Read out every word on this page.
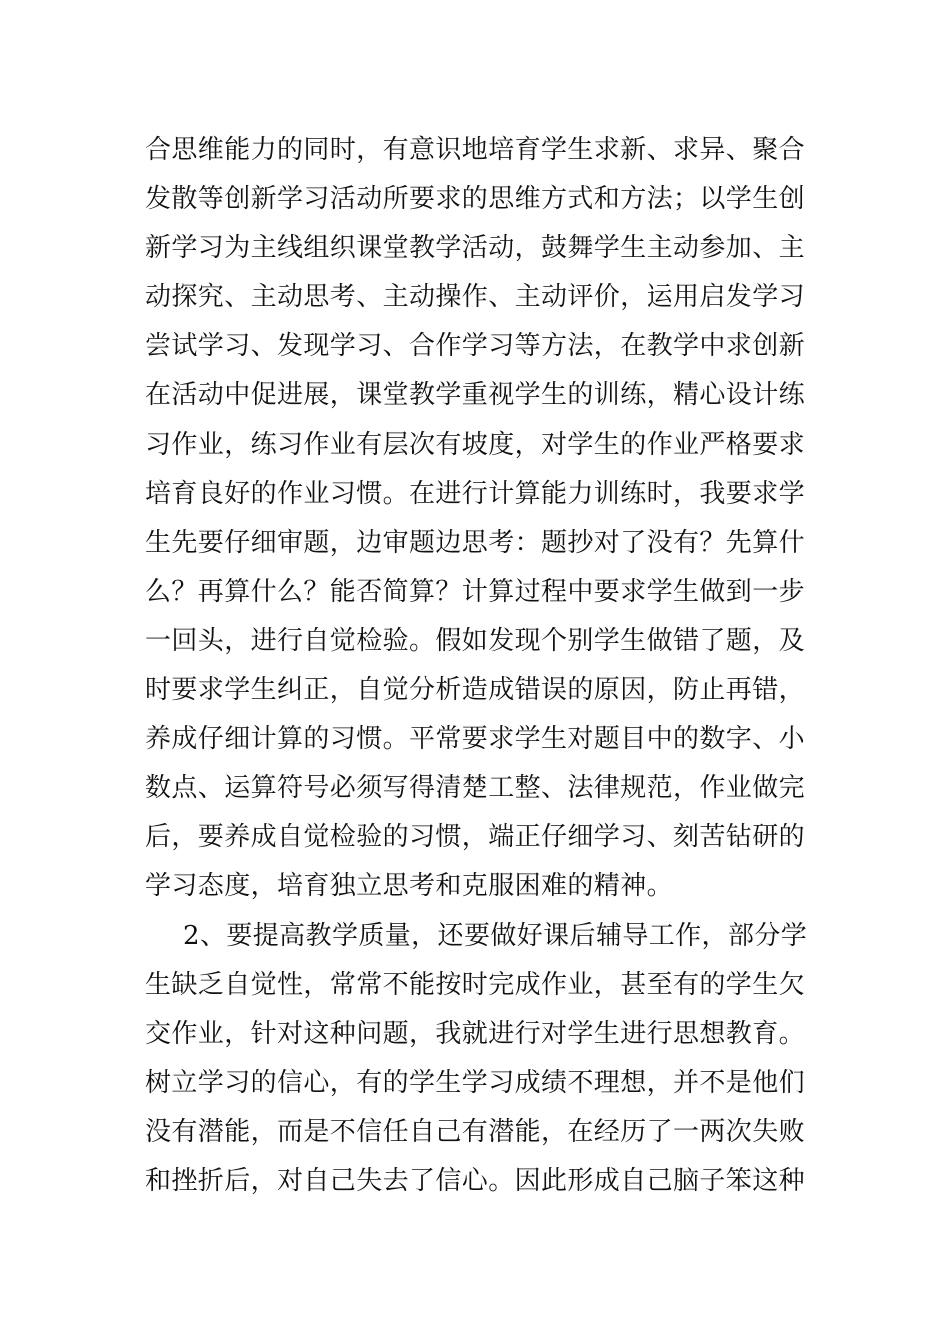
合思维能力的同时，有意识地培育学生求新、求异、聚合
发散等创新学习活动所要求的思维方式和方法；以学生创
新学习为主线组织课堂教学活动，鼓舞学生主动参加、主
动探究、主动思考、主动操作、主动评价，运用启发学习
尝试学习、发现学习、合作学习等方法，在教学中求创新
在活动中促进展，课堂教学重视学生的训练，精心设计练
习作业，练习作业有层次有坡度，对学生的作业严格要求
培育良好的作业习惯。在进行计算能力训练时，我要求学
生先要仔细审题，边审题边思考：题抄对了没有？先算什
么？再算什么？能否简算？计算过程中要求学生做到一步
一回头，进行自觉检验。假如发现个别学生做错了题，及
时要求学生纠正，自觉分析造成错误的原因，防止再错，
养成仔细计算的习惯。平常要求学生对题目中的数字、小
数点、运算符号必须写得清楚工整、法律规范，作业做完
后，要养成自觉检验的习惯，端正仔细学习、刻苦钻研的
学习态度，培育独立思考和克服困难的精神。
2、要提高教学质量，还要做好课后辅导工作，部分学
生缺乏自觉性，常常不能按时完成作业，甚至有的学生欠
交作业，针对这种问题，我就进行对学生进行思想教育。
树立学习的信心，有的学生学习成绩不理想，并不是他们
没有潜能，而是不信任自己有潜能，在经历了一两次失败
和挫折后，对自己失去了信心。因此形成自己脑子笨这种
